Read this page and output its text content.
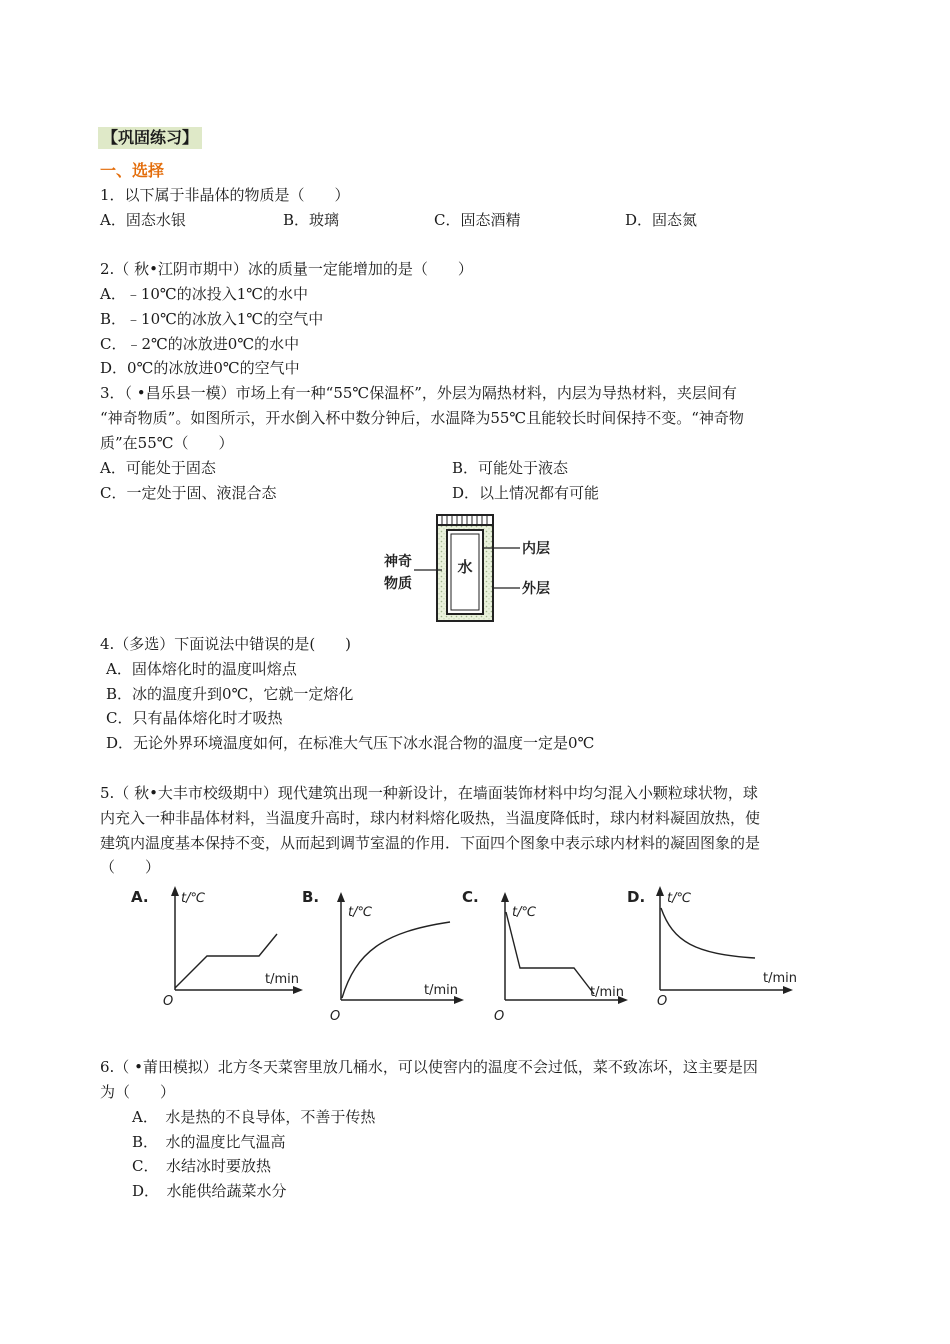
【巩固练习】
一、选择
1．以下属于非晶体的物质是（　　）
A．固态水银	B．玻璃	C．固态酒精	D．固态氮
2.（ 秋•江阴市期中）冰的质量一定能增加的是（　　）
A．﹣10℃的冰投入1℃的水中
B．﹣10℃的冰放入1℃的空气中
C．﹣2℃的冰放进0℃的水中
D．0℃的冰放进0℃的空气中
3．（ •昌乐县一模）市场上有一种“55℃保温杯”，外层为隔热材料，内层为导热材料，夹层间有
“神奇物质”。如图所示，开水倒入杯中数分钟后，水温降为55℃且能较长时间保持不变。“神奇物
质”在55℃（　　）
A．可能处于固态	B．可能处于液态
C．一定处于固、液混合态	D．以上情况都有可能
水
神奇
物质
内层
外层
4.（多选）下面说法中错误的是(　　)
A．固体熔化时的温度叫熔点
B．冰的温度升到0℃，它就一定熔化
C．只有晶体熔化时才吸热
D．无论外界环境温度如何，在标准大气压下冰水混合物的温度一定是0℃
5.（ 秋•大丰市校级期中）现代建筑出现一种新设计，在墙面装饰材料中均匀混入小颗粒球状物，球
内充入一种非晶体材料，当温度升高时，球内材料熔化吸热，当温度降低时，球内材料凝固放热，使
建筑内温度基本保持不变，从而起到调节室温的作用．下面四个图象中表示球内材料的凝固图象的是
（　　）
A. t/℃
t/min
O
B.
t/℃
t/min
O
C.
t/℃
t/min
O
D. t/℃
t/min
O
6.（ •莆田模拟）北方冬天菜窖里放几桶水，可以使窖内的温度不会过低，菜不致冻坏，这主要是因
为（　　）
A．　水是热的不良导体，不善于传热
B．　水的温度比气温高
C．　水结冰时要放热
D．　水能供给蔬菜水分
